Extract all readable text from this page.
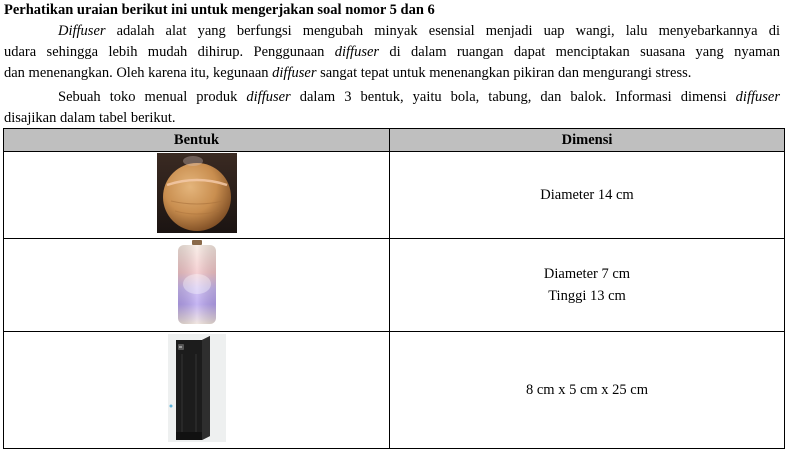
Perhatikan uraian berikut ini untuk mengerjakan soal nomor 5 dan 6
Diffuser adalah alat yang berfungsi mengubah minyak esensial menjadi uap wangi, lalu menyebarkannya di
udara sehingga lebih mudah dihirup. Penggunaan diffuser di dalam ruangan dapat menciptakan suasana yang nyaman
dan menenangkan. Oleh karena itu, kegunaan diffuser sangat tepat untuk menenangkan pikiran dan mengurangi stress.
Sebuah toko menual produk diffuser dalam 3 bentuk, yaitu bola, tabung, dan balok. Informasi dimensi diffuser
disajikan dalam tabel berikut.
Bentuk	Dimensi

Diameter 14 cm

Diameter 7 cm
Tinggi 13 cm

8 cm x 5 cm x 25 cm
